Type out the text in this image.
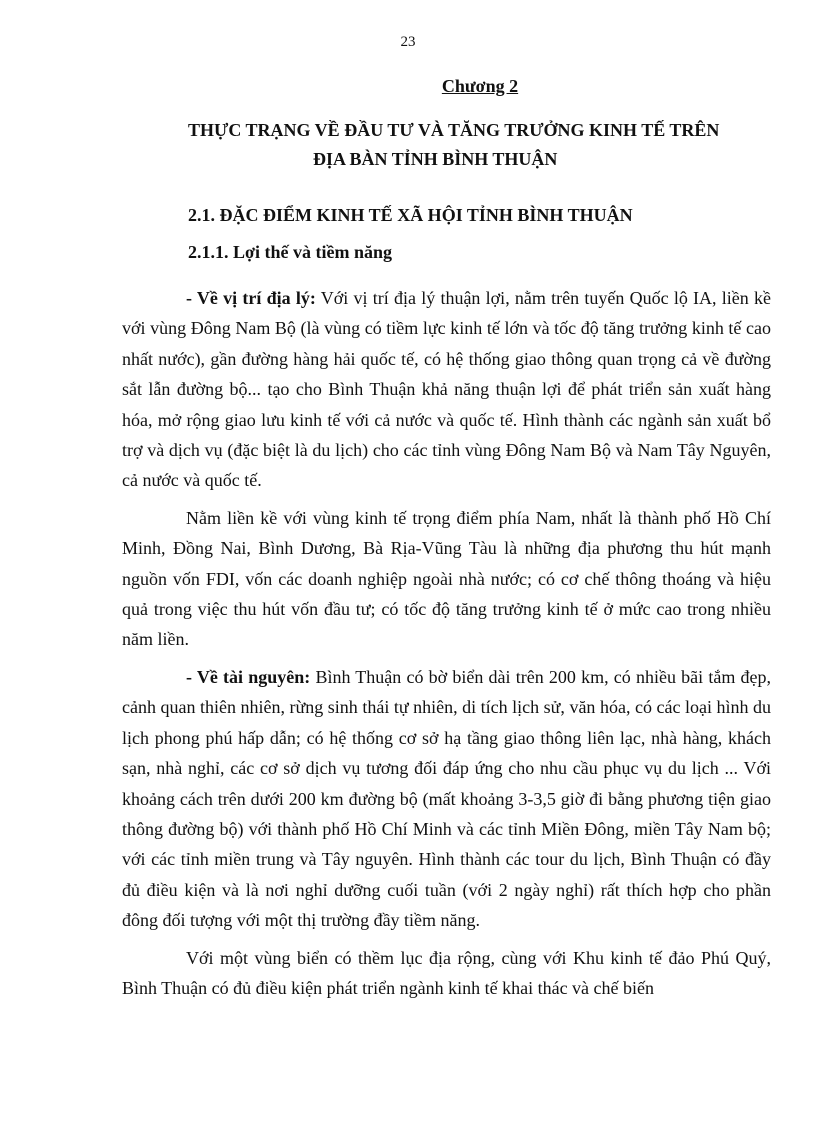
23
Chương 2
THỰC TRẠNG VỀ ĐẦU TƯ VÀ TĂNG TRƯỞNG KINH TẾ TRÊN
ĐỊA BÀN TỈNH BÌNH THUẬN
2.1. ĐẶC ĐIỂM KINH TẾ XÃ HỘI TỈNH BÌNH THUẬN
2.1.1. Lợi thế và tiềm năng

- Về vị trí địa lý: Với vị trí địa lý thuận lợi, nằm trên tuyến Quốc lộ IA, liền kề với vùng Đông Nam Bộ (là vùng có tiềm lực kinh tế lớn và tốc độ tăng trưởng kinh tế cao nhất nước), gần đường hàng hải quốc tế, có hệ thống giao thông quan trọng cả về đường sắt lẫn đường bộ... tạo cho Bình Thuận khả năng thuận lợi để phát triển sản xuất hàng hóa, mở rộng giao lưu kinh tế với cả nước và quốc tế. Hình thành các ngành sản xuất bổ trợ và dịch vụ (đặc biệt là du lịch) cho các tỉnh vùng Đông Nam Bộ và Nam Tây Nguyên, cả nước và quốc tế.

Nằm liền kề với vùng kinh tế trọng điểm phía Nam, nhất là thành phố Hồ Chí Minh, Đồng Nai, Bình Dương, Bà Rịa-Vũng Tàu là những địa phương thu hút mạnh nguồn vốn FDI, vốn các doanh nghiệp ngoài nhà nước; có cơ chế thông thoáng và hiệu quả trong việc thu hút vốn đầu tư; có tốc độ tăng trưởng kinh tế ở mức cao trong nhiều năm liền.

- Về tài nguyên: Bình Thuận có bờ biển dài trên 200 km, có nhiều bãi tắm đẹp, cảnh quan thiên nhiên, rừng sinh thái tự nhiên, di tích lịch sử, văn hóa, có các loại hình du lịch phong phú hấp dẫn; có hệ thống cơ sở hạ tầng giao thông liên lạc, nhà hàng, khách sạn, nhà nghỉ, các cơ sở dịch vụ tương đối đáp ứng cho nhu cầu phục vụ du lịch ... Với khoảng cách trên dưới 200 km đường bộ (mất khoảng 3-3,5 giờ đi bằng phương tiện giao thông đường bộ) với thành phố Hồ Chí Minh và các tỉnh Miền Đông, miền Tây Nam bộ; với các tỉnh miền trung và Tây nguyên. Hình thành các tour du lịch, Bình Thuận có đầy đủ điều kiện và là nơi nghỉ dưỡng cuối tuần (với 2 ngày nghỉ) rất thích hợp cho phần đông đối tượng với một thị trường đầy tiềm năng.

Với một vùng biển có thềm lục địa rộng, cùng với Khu kinh tế đảo Phú Quý, Bình Thuận có đủ điều kiện phát triển ngành kinh tế khai thác và chế biến
